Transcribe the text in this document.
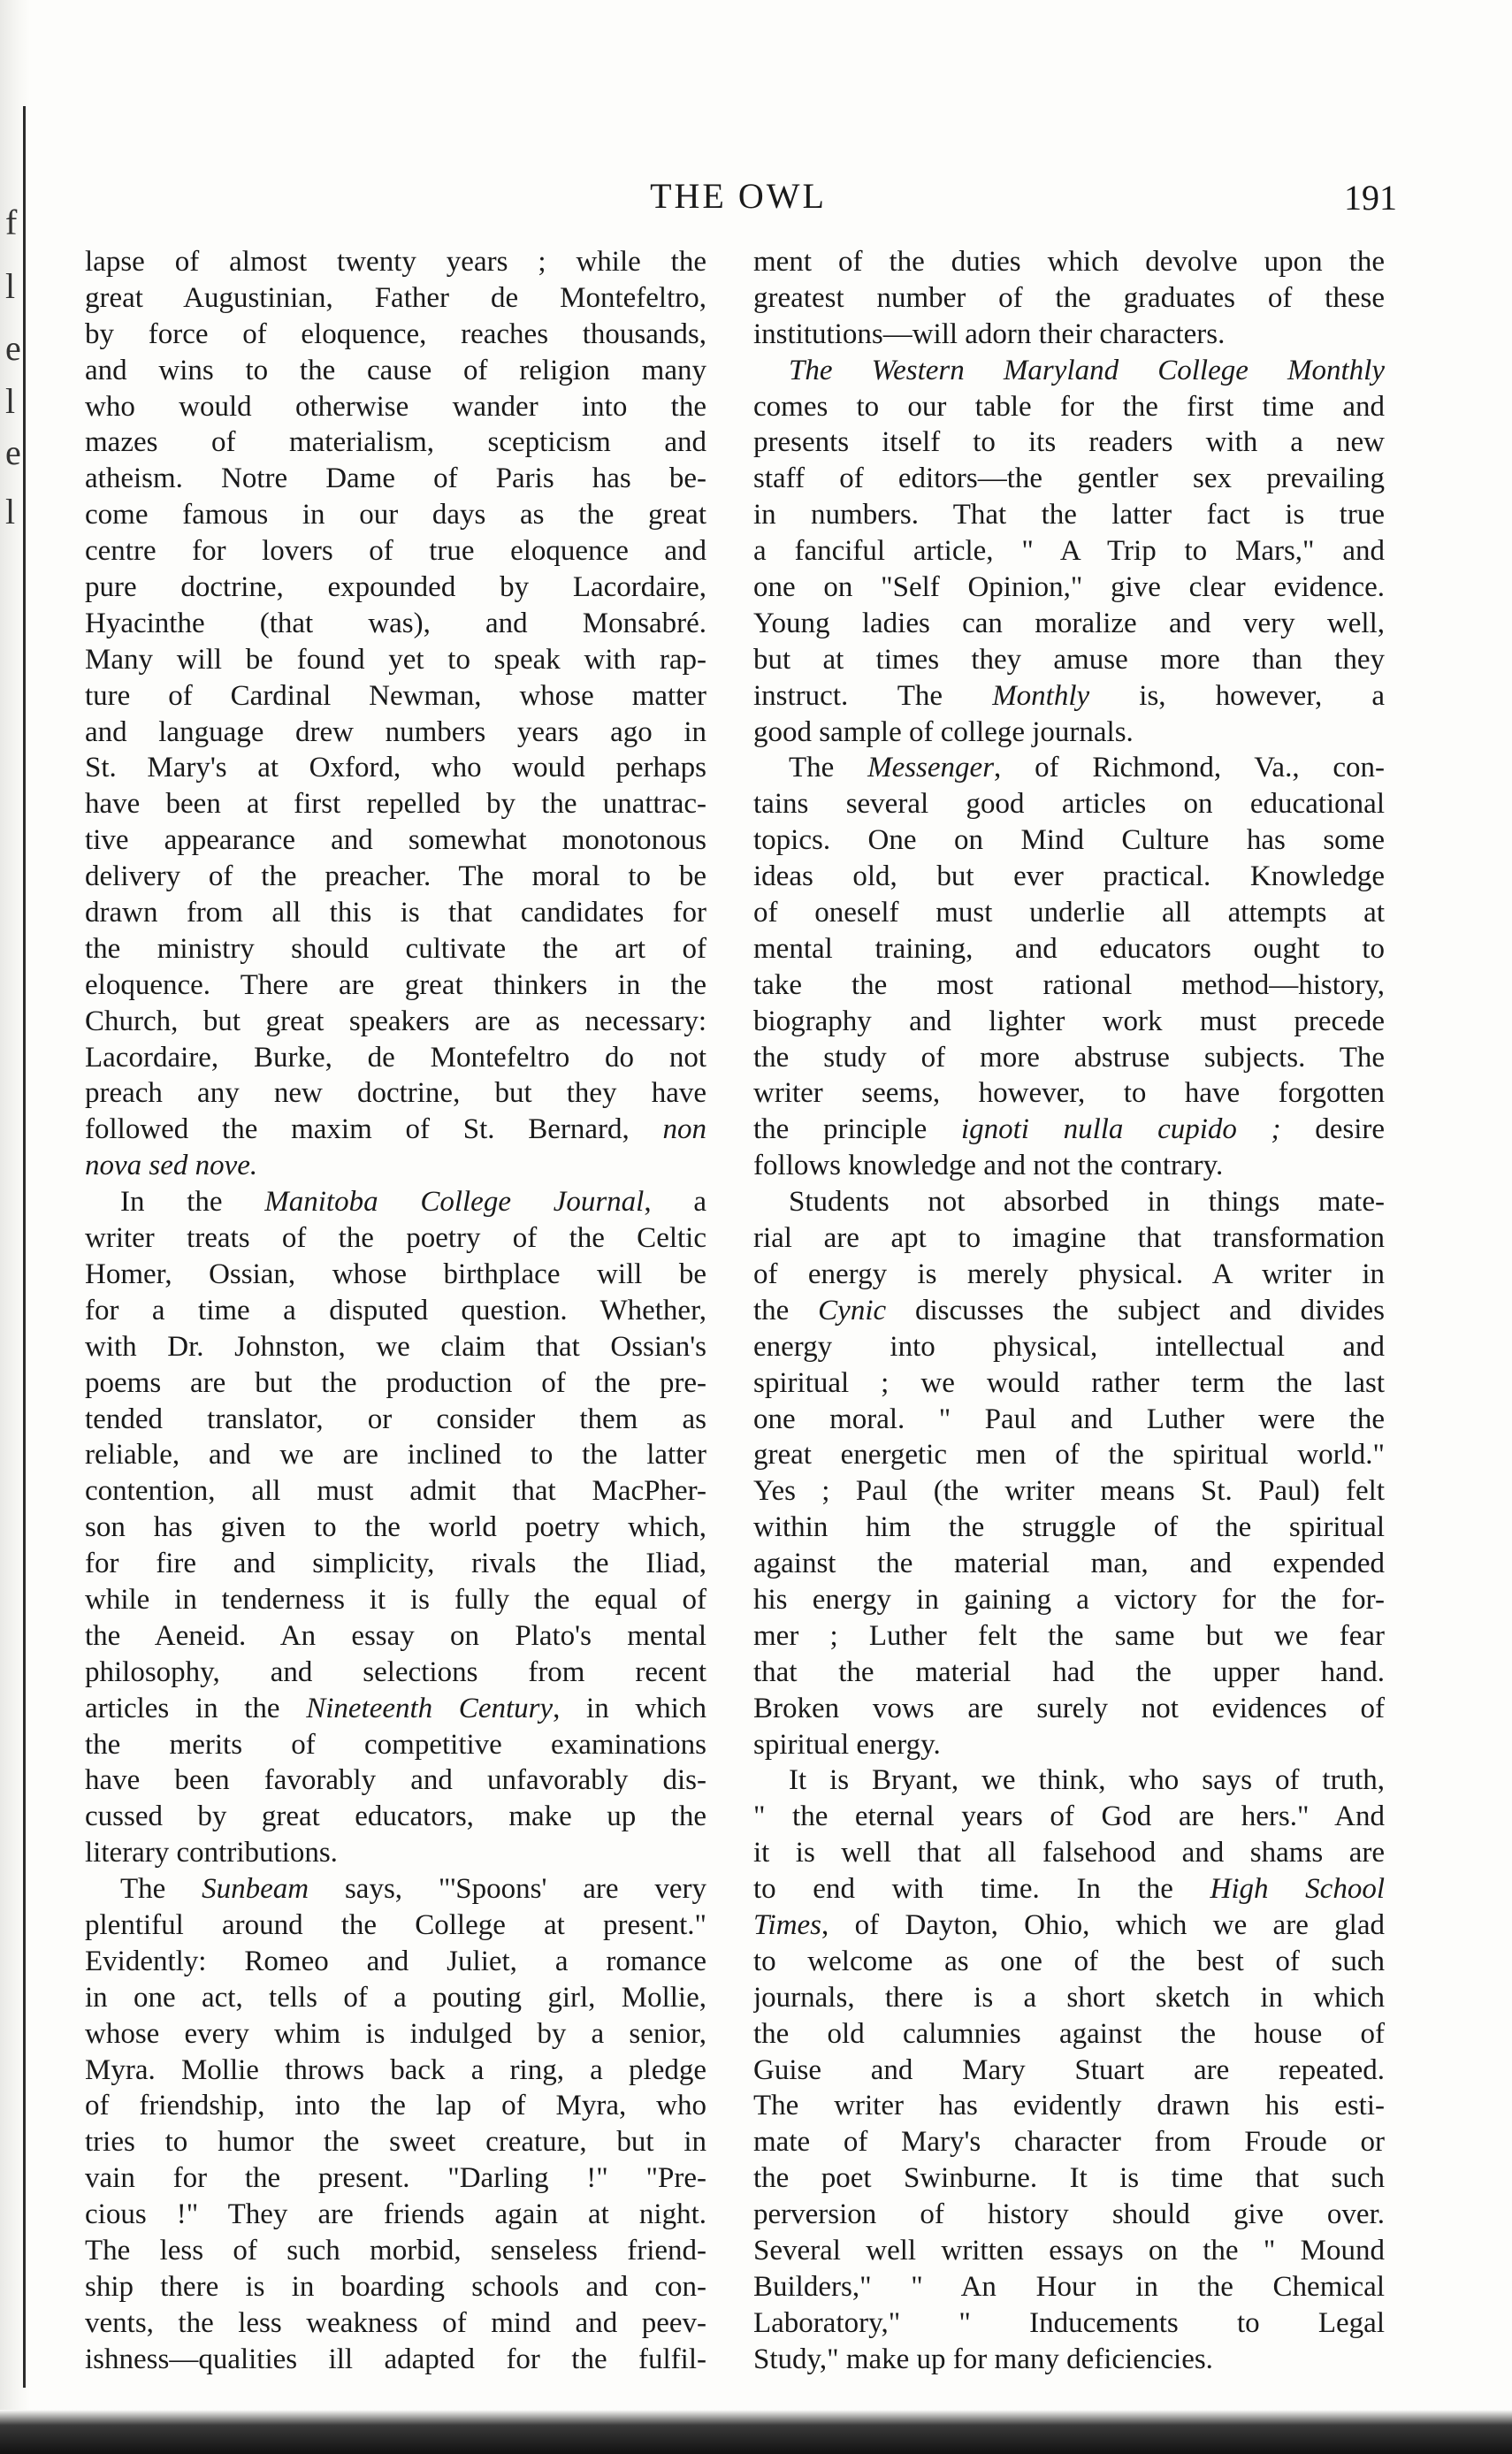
f
l
e
l
e
l
THE OWL	191
lapse of almost twenty years ; while the
great Augustinian, Father de Montefeltro,
by force of eloquence, reaches thousands,
and wins to the cause of religion many
who would otherwise wander into the
mazes of materialism, scepticism and
atheism. Notre Dame of Paris has be-
come famous in our days as the great
centre for lovers of true eloquence and
pure doctrine, expounded by Lacordaire,
Hyacinthe (that was), and Monsabré.
Many will be found yet to speak with rap-
ture of Cardinal Newman, whose matter
and language drew numbers years ago in
St. Mary's at Oxford, who would perhaps
have been at first repelled by the unattrac-
tive appearance and somewhat monotonous
delivery of the preacher. The moral to be
drawn from all this is that candidates for
the ministry should cultivate the art of
eloquence. There are great thinkers in the
Church, but great speakers are as necessary:
Lacordaire, Burke, de Montefeltro do not
preach any new doctrine, but they have
followed the maxim of St. Bernard, non
nova sed nove.
In the Manitoba College Journal, a
writer treats of the poetry of the Celtic
Homer, Ossian, whose birthplace will be
for a time a disputed question. Whether,
with Dr. Johnston, we claim that Ossian's
poems are but the production of the pre-
tended translator, or consider them as
reliable, and we are inclined to the latter
contention, all must admit that MacPher-
son has given to the world poetry which,
for fire and simplicity, rivals the Iliad,
while in tenderness it is fully the equal of
the Aeneid. An essay on Plato's mental
philosophy, and selections from recent
articles in the Nineteenth Century, in which
the merits of competitive examinations
have been favorably and unfavorably dis-
cussed by great educators, make up the
literary contributions.
The Sunbeam says, "'Spoons' are very
plentiful around the College at present."
Evidently: Romeo and Juliet, a romance
in one act, tells of a pouting girl, Mollie,
whose every whim is indulged by a senior,
Myra. Mollie throws back a ring, a pledge
of friendship, into the lap of Myra, who
tries to humor the sweet creature, but in
vain for the present. "Darling !" "Pre-
cious !" They are friends again at night.
The less of such morbid, senseless friend-
ship there is in boarding schools and con-
vents, the less weakness of mind and peev-
ishness—qualities ill adapted for the fulfil-
ment of the duties which devolve upon the
greatest number of the graduates of these
institutions—will adorn their characters.
The Western Maryland College Monthly
comes to our table for the first time and
presents itself to its readers with a new
staff of editors—the gentler sex prevailing
in numbers. That the latter fact is true
a fanciful article, " A Trip to Mars," and
one on "Self Opinion," give clear evidence.
Young ladies can moralize and very well,
but at times they amuse more than they
instruct. The Monthly is, however, a
good sample of college journals.
The Messenger, of Richmond, Va., con-
tains several good articles on educational
topics. One on Mind Culture has some
ideas old, but ever practical. Knowledge
of oneself must underlie all attempts at
mental training, and educators ought to
take the most rational method—history,
biography and lighter work must precede
the study of more abstruse subjects. The
writer seems, however, to have forgotten
the principle ignoti nulla cupido ; desire
follows knowledge and not the contrary.
Students not absorbed in things mate-
rial are apt to imagine that transformation
of energy is merely physical. A writer in
the Cynic discusses the subject and divides
energy into physical, intellectual and
spiritual ; we would rather term the last
one moral. " Paul and Luther were the
great energetic men of the spiritual world."
Yes ; Paul (the writer means St. Paul) felt
within him the struggle of the spiritual
against the material man, and expended
his energy in gaining a victory for the for-
mer ; Luther felt the same but we fear
that the material had the upper hand.
Broken vows are surely not evidences of
spiritual energy.
It is Bryant, we think, who says of truth,
" the eternal years of God are hers." And
it is well that all falsehood and shams are
to end with time. In the High School
Times, of Dayton, Ohio, which we are glad
to welcome as one of the best of such
journals, there is a short sketch in which
the old calumnies against the house of
Guise and Mary Stuart are repeated.
The writer has evidently drawn his esti-
mate of Mary's character from Froude or
the poet Swinburne. It is time that such
perversion of history should give over.
Several well written essays on the " Mound
Builders," " An Hour in the Chemical
Laboratory," " Inducements to Legal
Study," make up for many deficiencies.
